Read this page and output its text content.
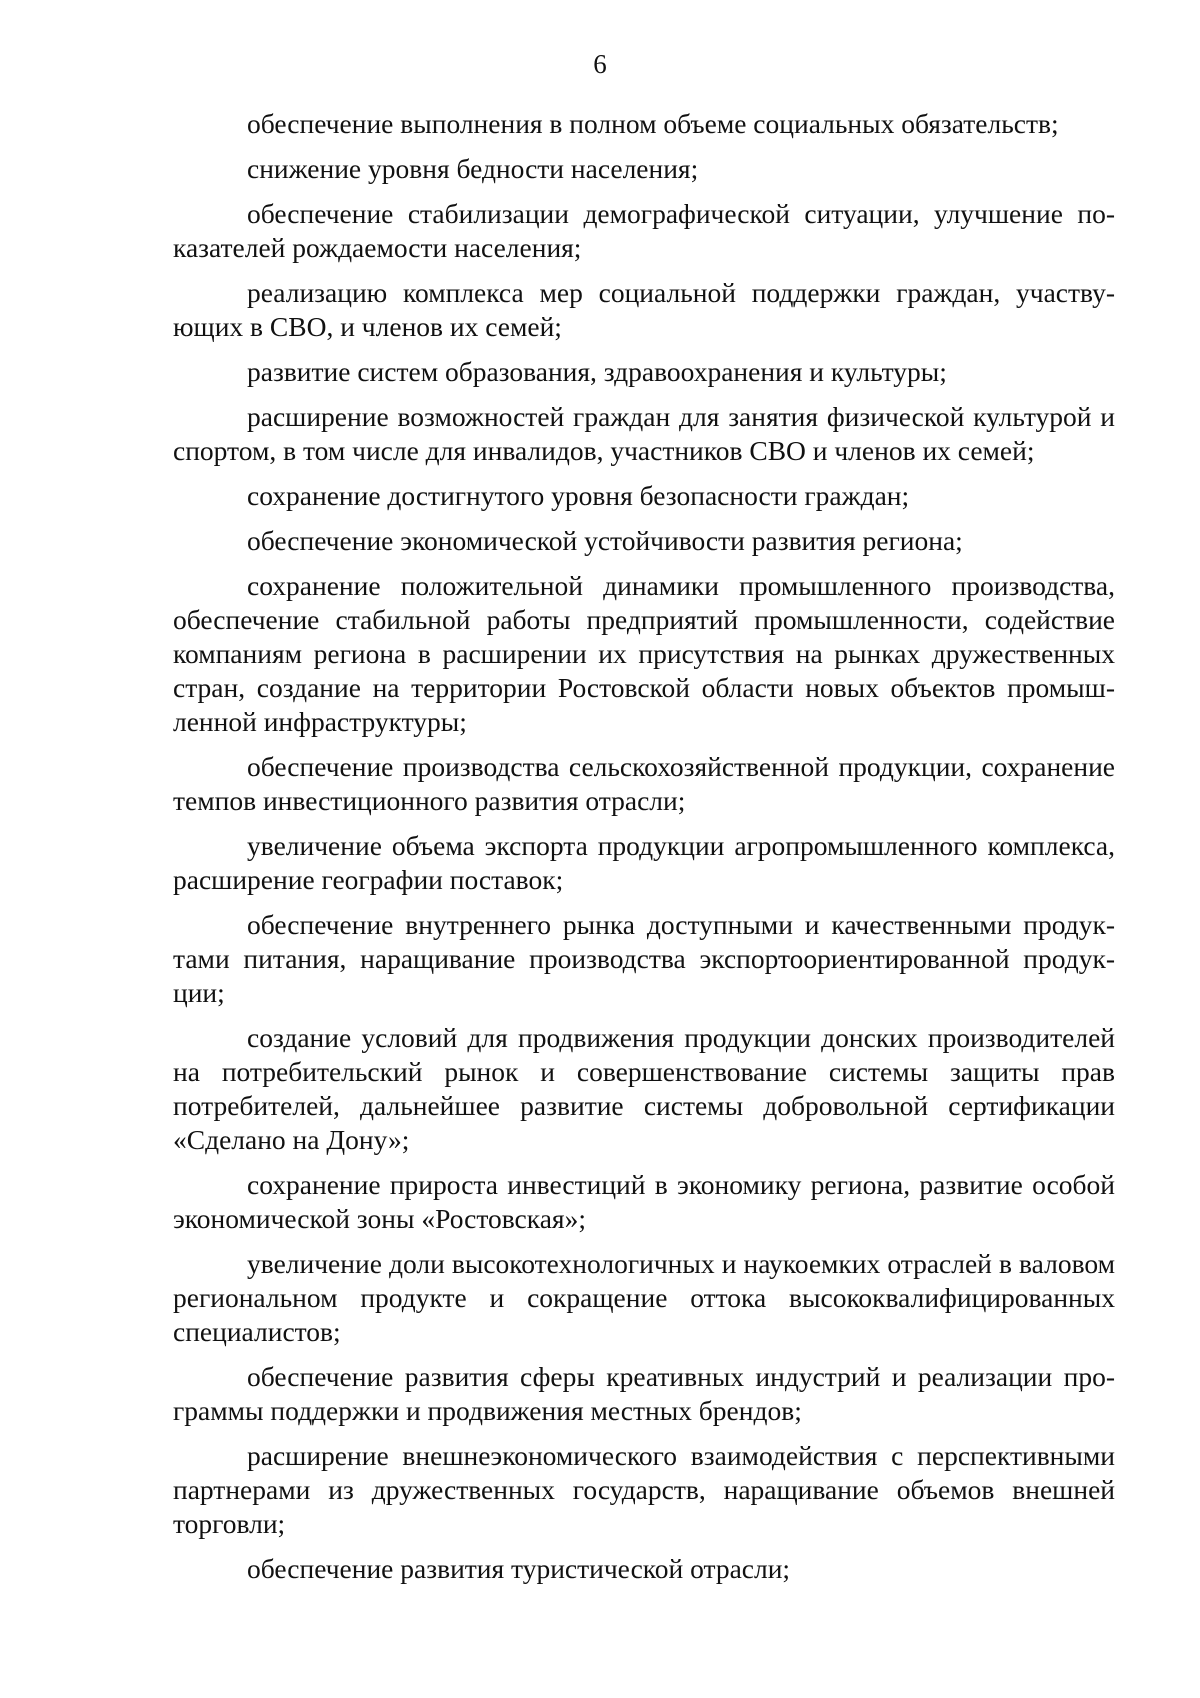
6

обеспечение выполнения в полном объеме социальных обязательств;

снижение уровня бедности населения;

обеспечение стабилизации демографической ситуации, улучшение показателей рождаемости населения;

реализацию комплекса мер социальной поддержки граждан, участвующих в СВО, и членов их семей;

развитие систем образования, здравоохранения и культуры;

расширение возможностей граждан для занятия физической культурой и спортом, в том числе для инвалидов, участников СВО и членов их семей;

сохранение достигнутого уровня безопасности граждан;

обеспечение экономической устойчивости развития региона;

сохранение положительной динамики промышленного производства, обеспечение стабильной работы предприятий промышленности, содействие компаниям региона в расширении их присутствия на рынках дружественных стран, создание на территории Ростовской области новых объектов промышленной инфраструктуры;

обеспечение производства сельскохозяйственной продукции, сохранение темпов инвестиционного развития отрасли;

увеличение объема экспорта продукции агропромышленного комплекса, расширение географии поставок;

обеспечение внутреннего рынка доступными и качественными продуктами питания, наращивание производства экспортоориентированной продукции;

создание условий для продвижения продукции донских производителей на потребительский рынок и совершенствование системы защиты прав потребителей, дальнейшее развитие системы добровольной сертификации «Сделано на Дону»;

сохранение прироста инвестиций в экономику региона, развитие особой экономической зоны «Ростовская»;

увеличение доли высокотехнологичных и наукоемких отраслей в валовом региональном продукте и сокращение оттока высококвалифицированных специалистов;

обеспечение развития сферы креативных индустрий и реализации программы поддержки и продвижения местных брендов;

расширение внешнеэкономического взаимодействия с перспективными партнерами из дружественных государств, наращивание объемов внешней торговли;

обеспечение развития туристической отрасли;
